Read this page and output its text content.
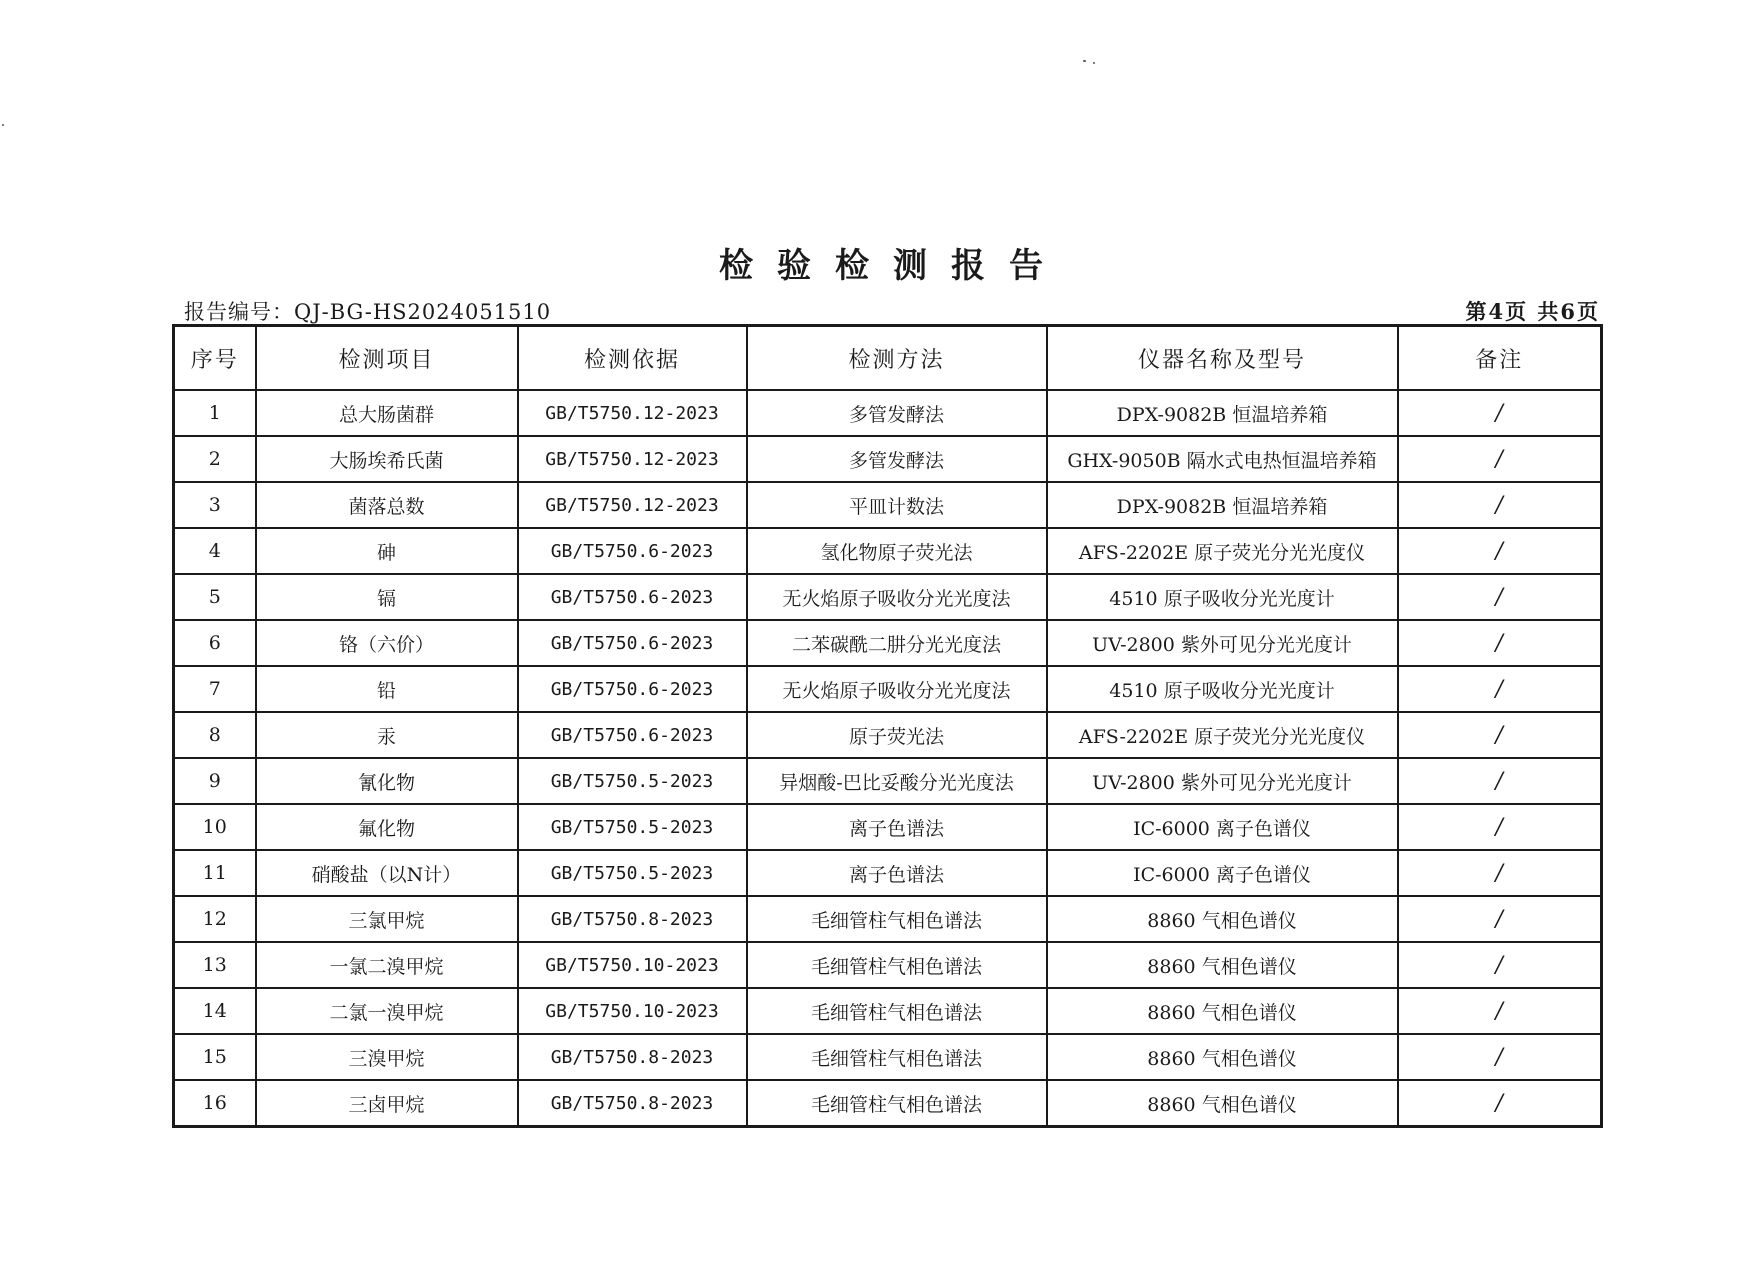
检验检测报告
报告编号：QJ-BG-HS2024051510	第4页 共6页
序号	检测项目	检测依据	检测方法	仪器名称及型号	备注
1	总大肠菌群	GB/T5750.12-2023	多管发酵法	DPX-9082B 恒温培养箱	/
2	大肠埃希氏菌	GB/T5750.12-2023	多管发酵法	GHX-9050B 隔水式电热恒温培养箱	/
3	菌落总数	GB/T5750.12-2023	平皿计数法	DPX-9082B 恒温培养箱	/
4	砷	GB/T5750.6-2023	氢化物原子荧光法	AFS-2202E 原子荧光分光光度仪	/
5	镉	GB/T5750.6-2023	无火焰原子吸收分光光度法	4510 原子吸收分光光度计	/
6	铬（六价）	GB/T5750.6-2023	二苯碳酰二肼分光光度法	UV-2800 紫外可见分光光度计	/
7	铅	GB/T5750.6-2023	无火焰原子吸收分光光度法	4510 原子吸收分光光度计	/
8	汞	GB/T5750.6-2023	原子荧光法	AFS-2202E 原子荧光分光光度仪	/
9	氰化物	GB/T5750.5-2023	异烟酸-巴比妥酸分光光度法	UV-2800 紫外可见分光光度计	/
10	氟化物	GB/T5750.5-2023	离子色谱法	IC-6000 离子色谱仪	/
11	硝酸盐（以N计）	GB/T5750.5-2023	离子色谱法	IC-6000 离子色谱仪	/
12	三氯甲烷	GB/T5750.8-2023	毛细管柱气相色谱法	8860 气相色谱仪	/
13	一氯二溴甲烷	GB/T5750.10-2023	毛细管柱气相色谱法	8860 气相色谱仪	/
14	二氯一溴甲烷	GB/T5750.10-2023	毛细管柱气相色谱法	8860 气相色谱仪	/
15	三溴甲烷	GB/T5750.8-2023	毛细管柱气相色谱法	8860 气相色谱仪	/
16	三卤甲烷	GB/T5750.8-2023	毛细管柱气相色谱法	8860 气相色谱仪	/
